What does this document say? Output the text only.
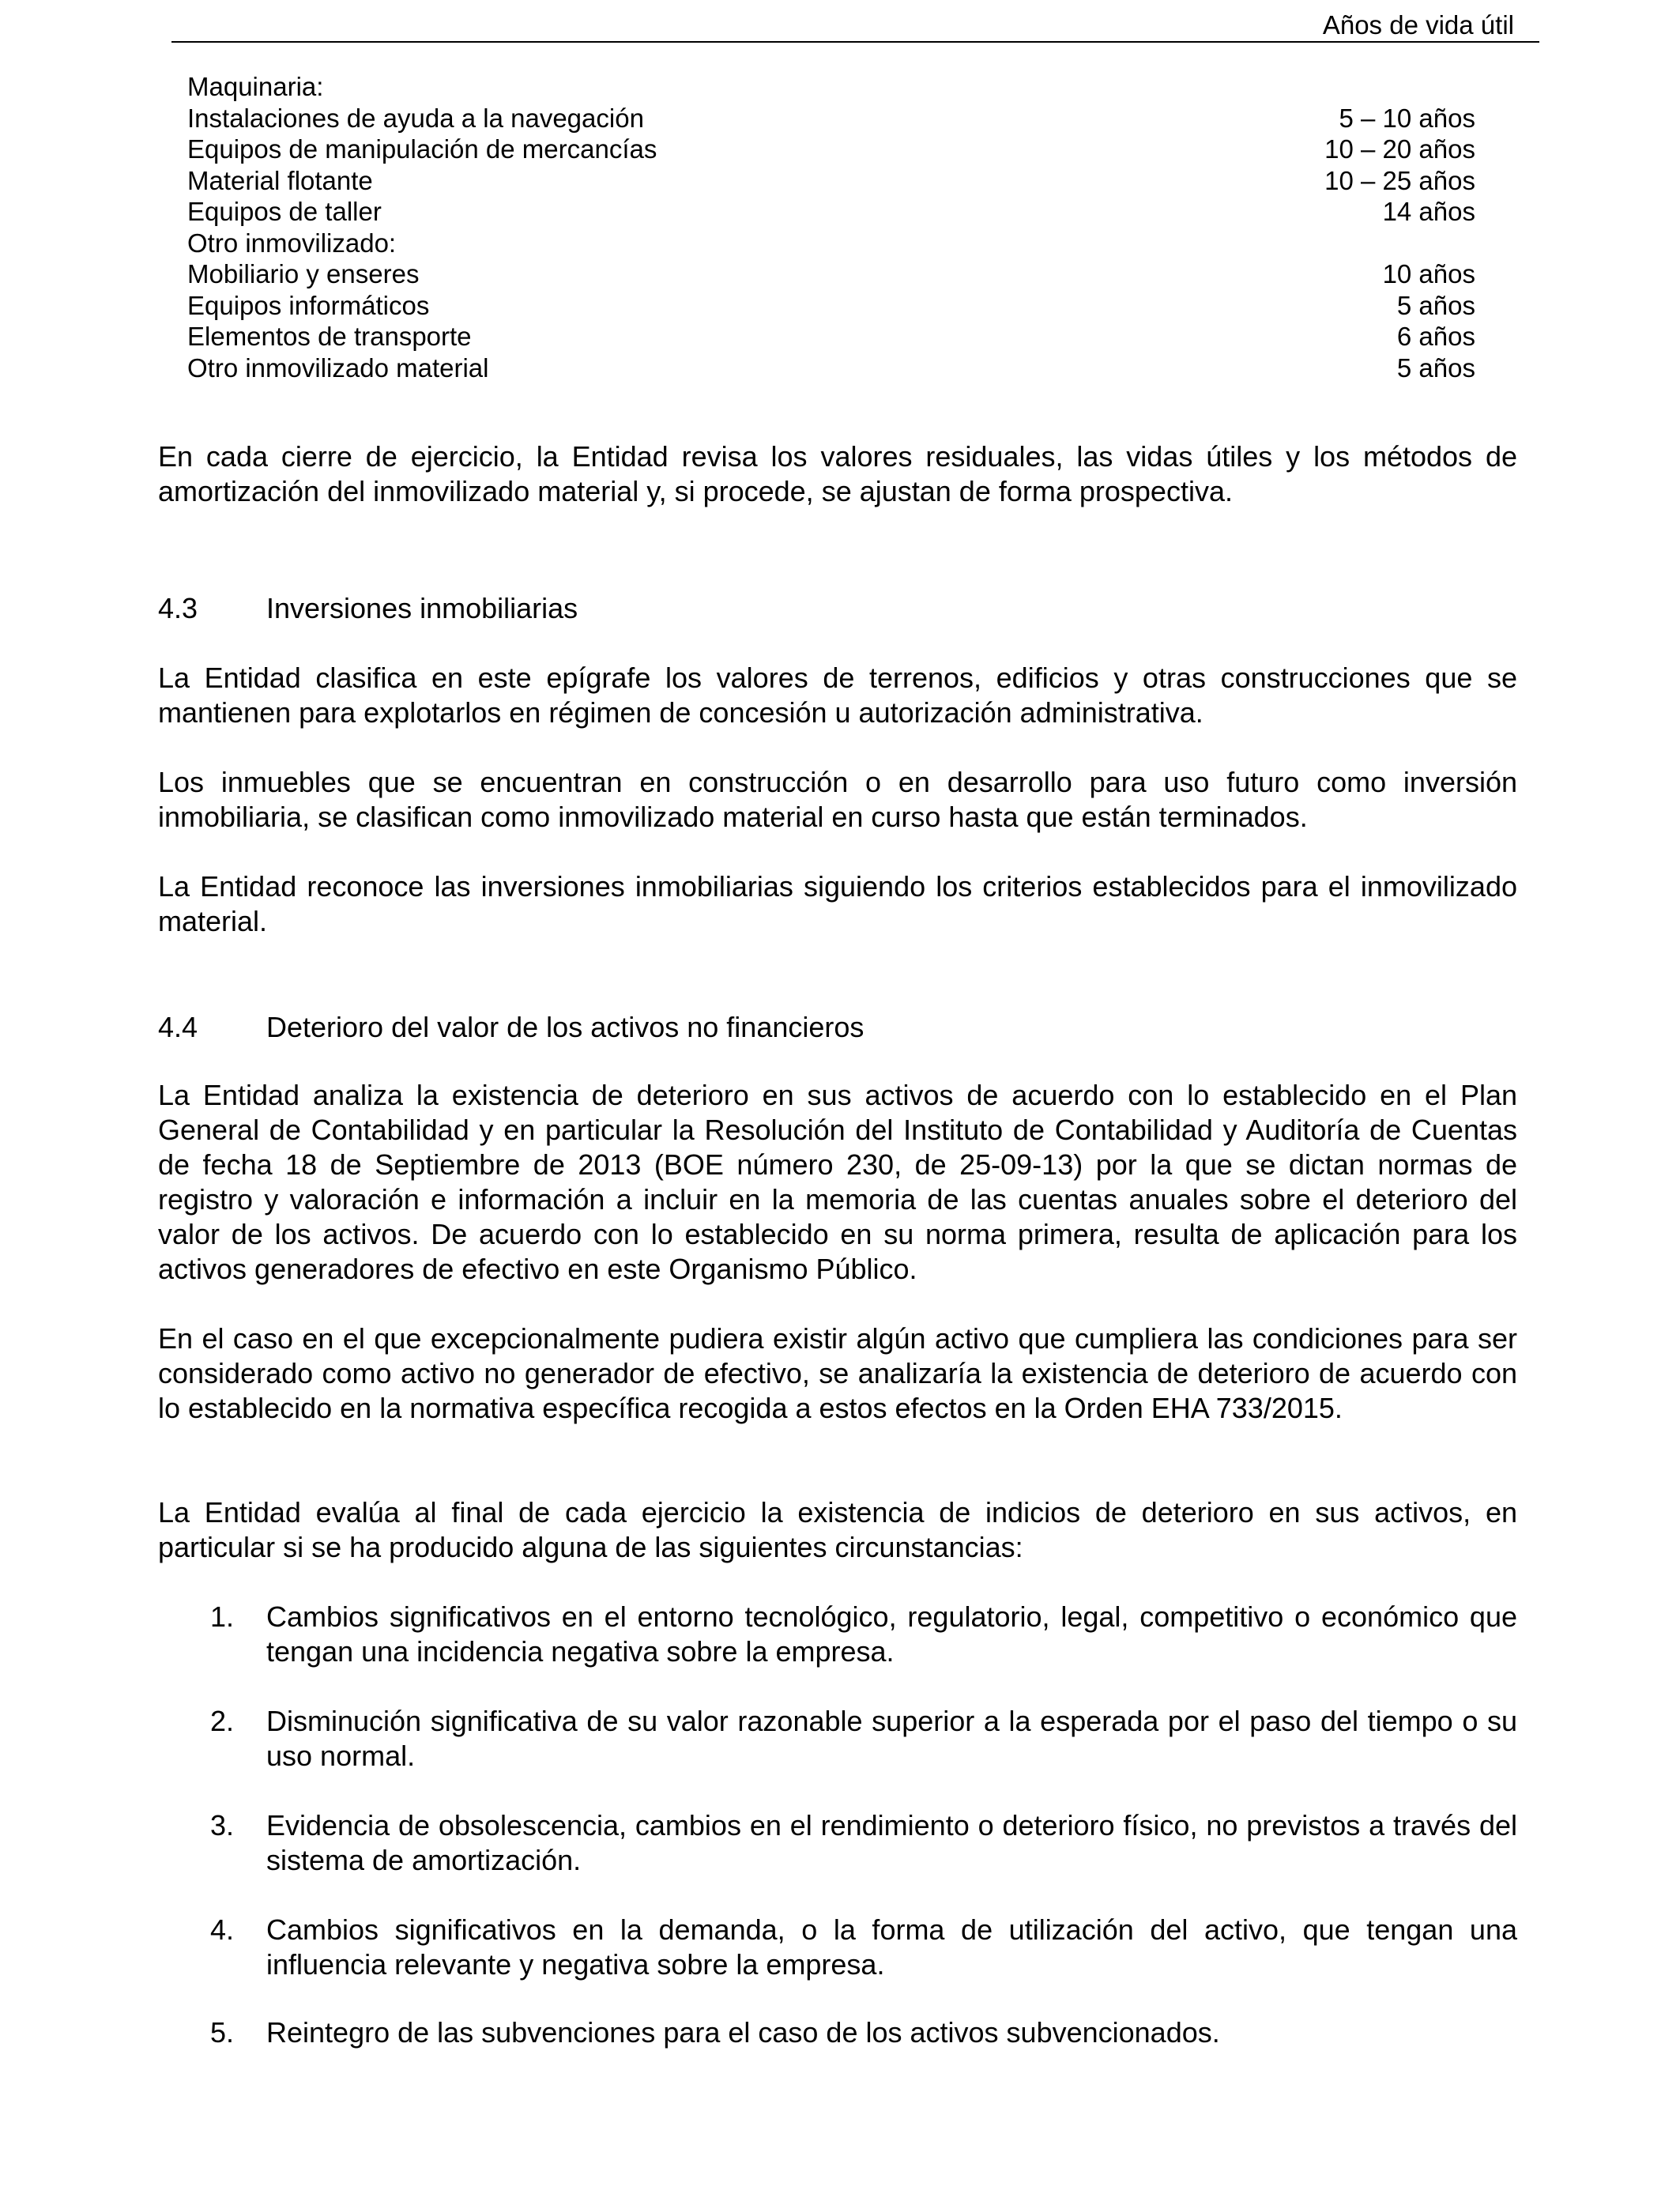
Años de vida útil
Maquinaria:
Instalaciones de ayuda a la navegación	5 – 10 años
Equipos de manipulación de mercancías	10 – 20 años
Material flotante	10 – 25 años
Equipos de taller	14 años
Otro inmovilizado:
Mobiliario y enseres	10 años
Equipos informáticos	5 años
Elementos de transporte	6 años
Otro inmovilizado material	5 años

En cada cierre de ejercicio, la Entidad revisa los valores residuales, las vidas útiles y los métodos de amortización del inmovilizado material y, si procede, se ajustan de forma prospectiva.

4.3 Inversiones inmobiliarias

La Entidad clasifica en este epígrafe los valores de terrenos, edificios y otras construcciones que se mantienen para explotarlos en régimen de concesión u autorización administrativa.

Los inmuebles que se encuentran en construcción o en desarrollo para uso futuro como inversión inmobiliaria, se clasifican como inmovilizado material en curso hasta que están terminados.

La Entidad reconoce las inversiones inmobiliarias siguiendo los criterios establecidos para el inmovilizado material.

4.4 Deterioro del valor de los activos no financieros

La Entidad analiza la existencia de deterioro en sus activos de acuerdo con lo establecido en el Plan General de Contabilidad y en particular la Resolución del Instituto de Contabilidad y Auditoría de Cuentas de fecha 18 de Septiembre de 2013 (BOE número 230, de 25-09-13) por la que se dictan normas de registro y valoración e información a incluir en la memoria de las cuentas anuales sobre el deterioro del valor de los activos. De acuerdo con lo establecido en su norma primera, resulta de aplicación para los activos generadores de efectivo en este Organismo Público.

En el caso en el que excepcionalmente pudiera existir algún activo que cumpliera las condiciones para ser considerado como activo no generador de efectivo, se analizaría la existencia de deterioro de acuerdo con lo establecido en la normativa específica recogida a estos efectos en la Orden EHA 733/2015.

La Entidad evalúa al final de cada ejercicio la existencia de indicios de deterioro en sus activos, en particular si se ha producido alguna de las siguientes circunstancias:

1. Cambios significativos en el entorno tecnológico, regulatorio, legal, competitivo o económico que tengan una incidencia negativa sobre la empresa.
2. Disminución significativa de su valor razonable superior a la esperada por el paso del tiempo o su uso normal.
3. Evidencia de obsolescencia, cambios en el rendimiento o deterioro físico, no previstos a través del sistema de amortización.
4. Cambios significativos en la demanda, o la forma de utilización del activo, que tengan una influencia relevante y negativa sobre la empresa.
5. Reintegro de las subvenciones para el caso de los activos subvencionados.
